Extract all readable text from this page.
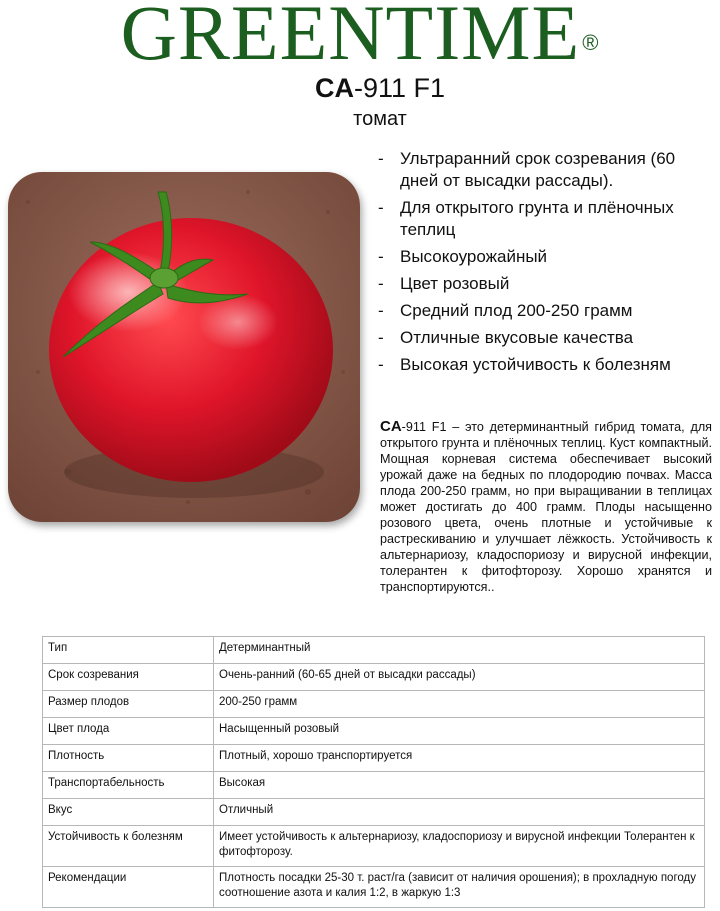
GREENTIME®
CA-911 F1
томат
- Ультраранний срок созревания (60 дней от высадки рассады).
- Для открытого грунта и плёночных теплиц
- Высокоурожайный
- Цвет розовый
- Средний плод 200-250 грамм
- Отличные вкусовые качества
- Высокая устойчивость к болезням

CA-911 F1 – это детерминантный гибрид томата, для открытого грунта и плёночных теплиц. Куст компактный. Мощная корневая система обеспечивает высокий урожай даже на бедных по плодородию почвах. Масса плода 200-250 грамм, но при выращивании в теплицах может достигать до 400 грамм. Плоды насыщенно розового цвета, очень плотные и устойчивые к растрескиванию и улучшает лёжкость. Устойчивость к альтернариозу, кладоспориозу и вирусной инфекции, толерантен к фитофторозу. Хорошо хранятся и транспортируются..

Тип	Детерминантный
Срок созревания	Очень-ранний (60-65 дней от высадки рассады)
Размер плодов	200-250 грамм
Цвет плода	Насыщенный розовый
Плотность	Плотный, хорошо транспортируется
Транспортабельность	Высокая
Вкус	Отличный
Устойчивость к болезням	Имеет устойчивость к альтернариозу, кладоспориозу и вирусной инфекции Толерантен к фитофторозу.
Рекомендации	Плотность посадки 25-30 т. раст/га (зависит от наличия орошения); в прохладную погоду соотношение азота и калия 1:2, в жаркую 1:3
